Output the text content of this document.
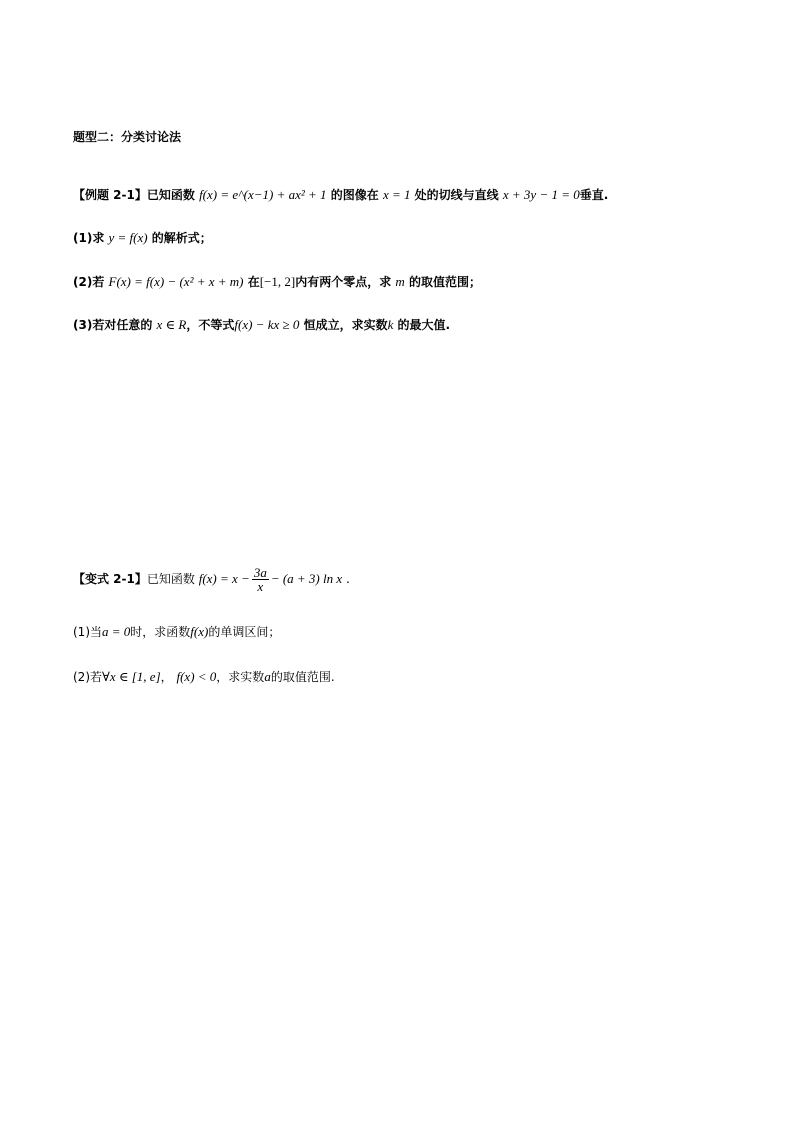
题型二：分类讨论法
【例题 2-1】已知函数 f(x) = e^(x−1) + ax² + 1 的图像在 x = 1 处的切线与直线 x + 3y − 1 = 0垂直.
(1)求 y = f(x) 的解析式；
(2)若 F(x) = f(x) − (x² + x + m) 在[−1, 2]内有两个零点，求 m 的取值范围；
(3)若对任意的 x ∈ R，不等式f(x) − kx ≥ 0 恒成立，求实数k 的最大值.
【变式 2-1】已知函数 $f(x) = x - \frac{3a}{x} - (a + 3)$ ln x .
(1)当a = 0时，求函数f(x)的单调区间；
(2)若∀x ∈ [1, e]， f(x) < 0，求实数a的取值范围.
